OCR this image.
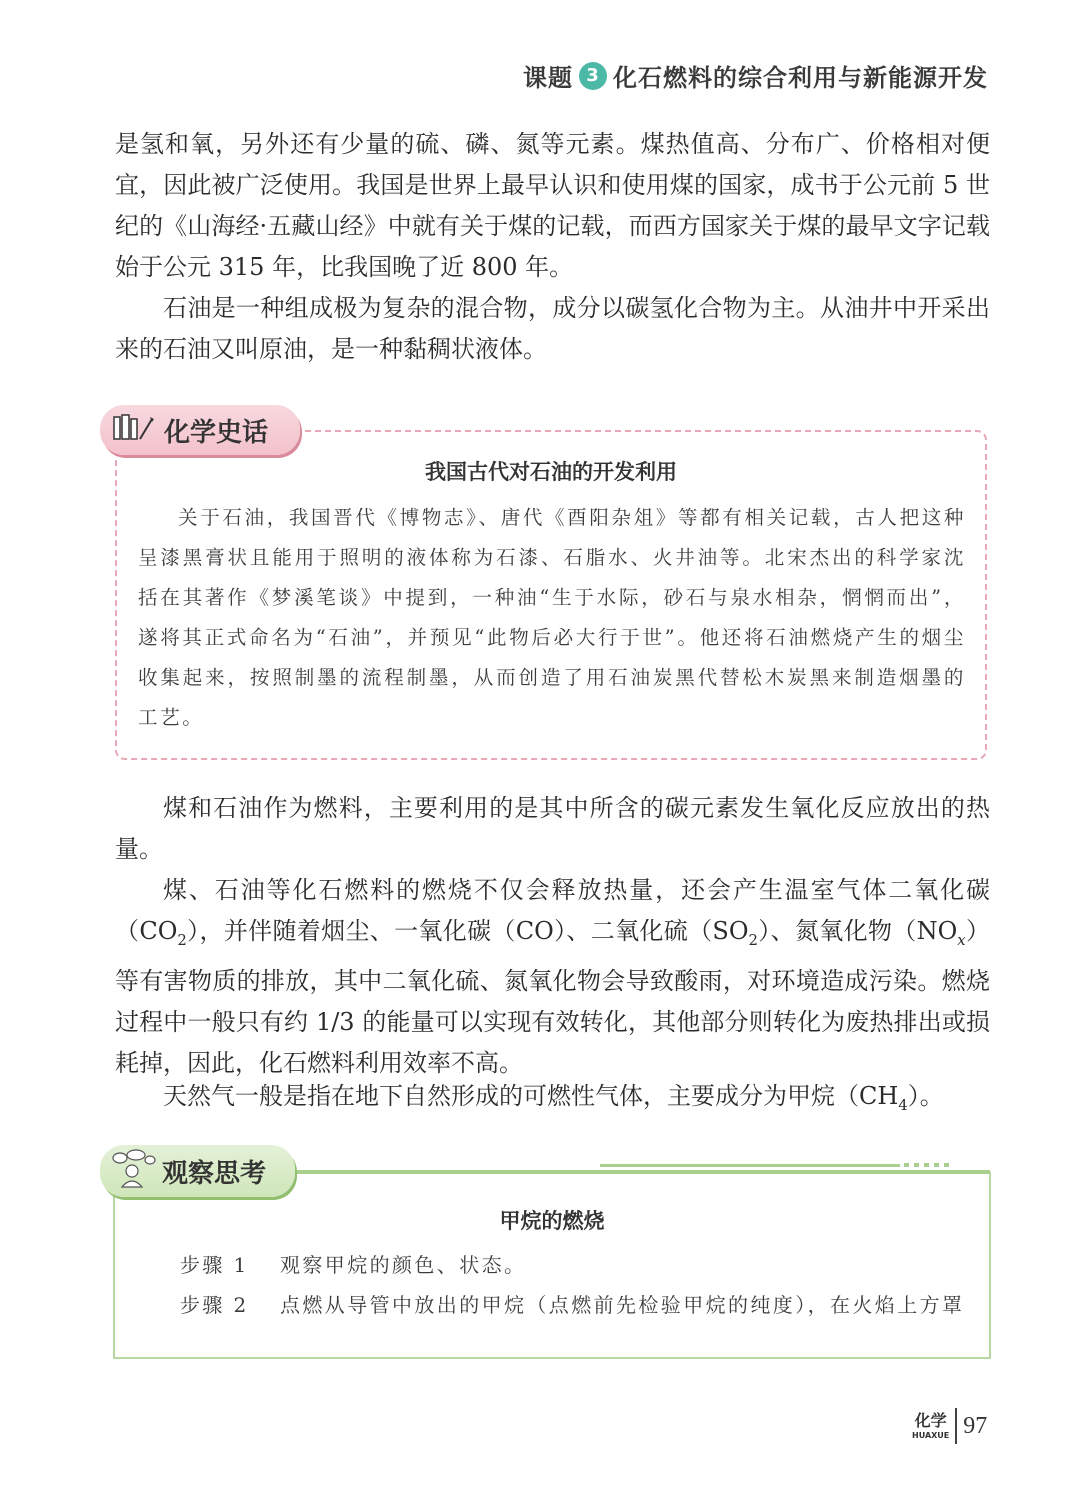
课题 3 化石燃料的综合利用与新能源开发

是氢和氧，另外还有少量的硫、磷、氮等元素。煤热值高、分布广、价格相对便宜，因此被广泛使用。我国是世界上最早认识和使用煤的国家，成书于公元前 5 世纪的《山海经·五藏山经》中就有关于煤的记载，而西方国家关于煤的最早文字记载始于公元 315 年，比我国晚了近 800 年。

石油是一种组成极为复杂的混合物，成分以碳氢化合物为主。从油井中开采出来的石油又叫原油，是一种黏稠状液体。

化学史话
我国古代对石油的开发利用

关于石油，我国晋代《博物志》、唐代《酉阳杂俎》等都有相关记载，古人把这种呈漆黑膏状且能用于照明的液体称为石漆、石脂水、火井油等。北宋杰出的科学家沈括在其著作《梦溪笔谈》中提到，一种油“生于水际，砂石与泉水相杂，惘惘而出”，遂将其正式命名为“石油”，并预见“此物后必大行于世”。他还将石油燃烧产生的烟尘收集起来，按照制墨的流程制墨，从而创造了用石油炭黑代替松木炭黑来制造烟墨的工艺。

煤和石油作为燃料，主要利用的是其中所含的碳元素发生氧化反应放出的热量。

煤、石油等化石燃料的燃烧不仅会释放热量，还会产生温室气体二氧化碳$(CO_2)$，并伴随着烟尘、一氧化碳（CO）、二氧化硫$(SO_2)$、氮氧化物$(NO_x)$等有害物质的排放，其中二氧化硫、氮氧化物会导致酸雨，对环境造成污染。燃烧过程中一般只有约 1/3 的能量可以实现有效转化，其他部分则转化为废热排出或损耗掉，因此，化石燃料利用效率不高。

天然气一般是指在地下自然形成的可燃性气体，主要成分为甲烷$(CH_4)$。

观察思考
甲烷的燃烧
步骤 1 观察甲烷的颜色、状态。
步骤 2 点燃从导管中放出的甲烷（点燃前先检验甲烷的纯度），在火焰上方罩
化学
HUAXUE 97
